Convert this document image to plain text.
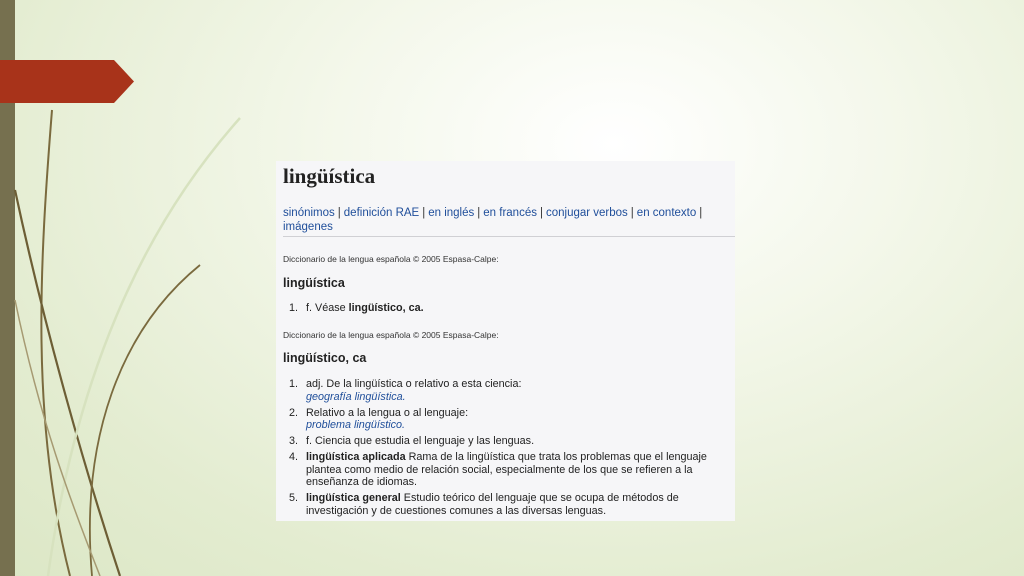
lingüística
sinónimos | definición RAE | en inglés | en francés | conjugar verbos | en contexto |
imágenes
Diccionario de la lengua española © 2005 Espasa-Calpe:
lingüística
1. f. Véase lingüístico, ca.
Diccionario de la lengua española © 2005 Espasa-Calpe:
lingüístico, ca
1. adj. De la lingüística o relativo a esta ciencia:
geografía lingüística.
2. Relativo a la lengua o al lenguaje:
problema lingüístico.
3. f. Ciencia que estudia el lenguaje y las lenguas.
4. lingüística aplicada Rama de la lingüística que trata los problemas que el lenguaje plantea como medio de relación social, especialmente de los que se refieren a la enseñanza de idiomas.
5. lingüística general Estudio teórico del lenguaje que se ocupa de métodos de investigación y de cuestiones comunes a las diversas lenguas.
